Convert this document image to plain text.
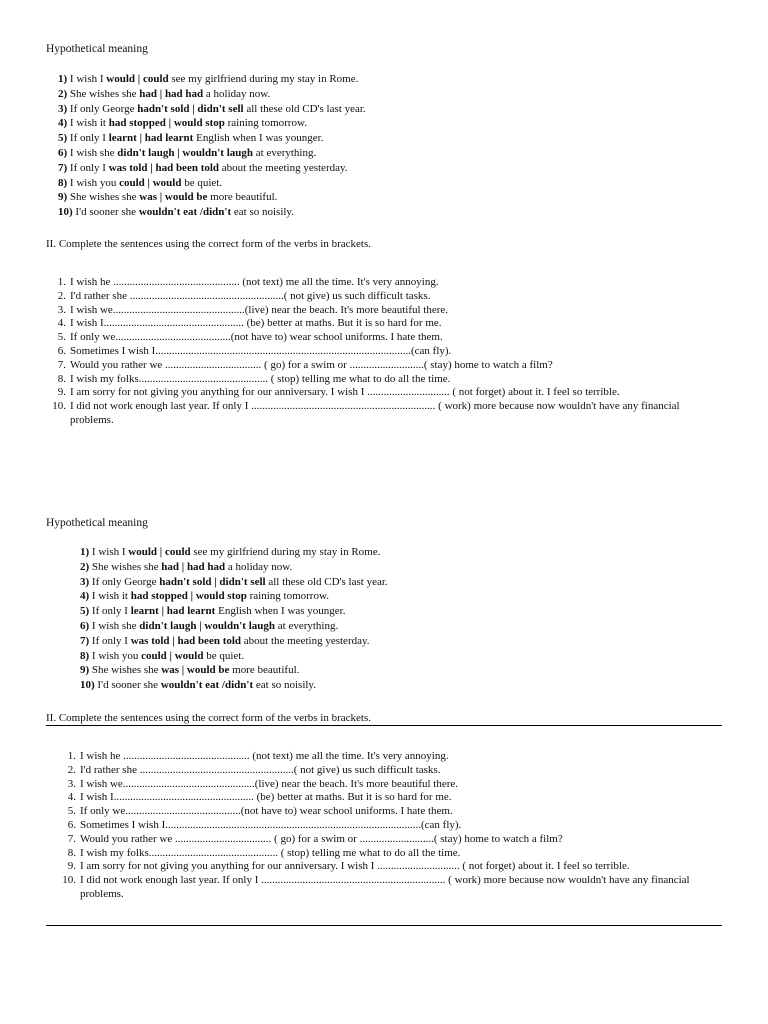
Hypothetical meaning
1) I wish I would | could see my girlfriend during my stay in Rome.
2) She wishes she had | had had a holiday now.
3) If only George hadn't sold | didn't sell all these old CD's last year.
4) I wish it had stopped | would stop raining tomorrow.
5) If only I learnt | had learnt English when I was younger.
6) I wish she didn't laugh | wouldn't laugh at everything.
7) If only I was told | had been told about the meeting yesterday.
8) I wish you could | would be quiet.
9) She wishes she was | would be more beautiful.
10) I'd sooner she wouldn't eat /didn't eat so noisily.
II. Complete the sentences using the correct form of the verbs in brackets.
1. I wish he .............................................. (not text) me all the time. It's very annoying.
2. I'd rather she ........................................................( not give) us such difficult tasks.
3. I wish we................................................(live) near the beach. It's more beautiful there.
4. I wish I................................................... (be) better at maths. But it is so hard for me.
5. If only we..........................................(not have to) wear school uniforms. I hate them.
6. Sometimes I wish I.............................................................................................(can fly).
7. Would you rather we ................................... ( go) for a swim or ...........................( stay) home to watch a film?
8. I wish my folks............................................... ( stop) telling me what to do all the time.
9. I am sorry for not giving you anything for our anniversary. I wish I .............................. ( not forget) about it. I feel so terrible.
10. I did not work enough last year. If only I ................................................................... ( work) more because now wouldn't have any financial problems.
Hypothetical meaning
1) I wish I would | could see my girlfriend during my stay in Rome.
2) She wishes she had | had had a holiday now.
3) If only George hadn't sold | didn't sell all these old CD's last year.
4) I wish it had stopped | would stop raining tomorrow.
5) If only I learnt | had learnt English when I was younger.
6) I wish she didn't laugh | wouldn't laugh at everything.
7) If only I was told | had been told about the meeting yesterday.
8) I wish you could | would be quiet.
9) She wishes she was | would be more beautiful.
10) I'd sooner she wouldn't eat /didn't eat so noisily.
II. Complete the sentences using the correct form of the verbs in brackets.
1. I wish he .............................................. (not text) me all the time. It's very annoying.
2. I'd rather she ........................................................( not give) us such difficult tasks.
3. I wish we................................................(live) near the beach. It's more beautiful there.
4. I wish I................................................... (be) better at maths. But it is so hard for me.
5. If only we..........................................(not have to) wear school uniforms. I hate them.
6. Sometimes I wish I.............................................................................................(can fly).
7. Would you rather we ................................... ( go) for a swim or ...........................( stay) home to watch a film?
8. I wish my folks............................................... ( stop) telling me what to do all the time.
9. I am sorry for not giving you anything for our anniversary. I wish I .............................. ( not forget) about it. I feel so terrible.
10. I did not work enough last year. If only I ................................................................... ( work) more because now wouldn't have any financial problems.
